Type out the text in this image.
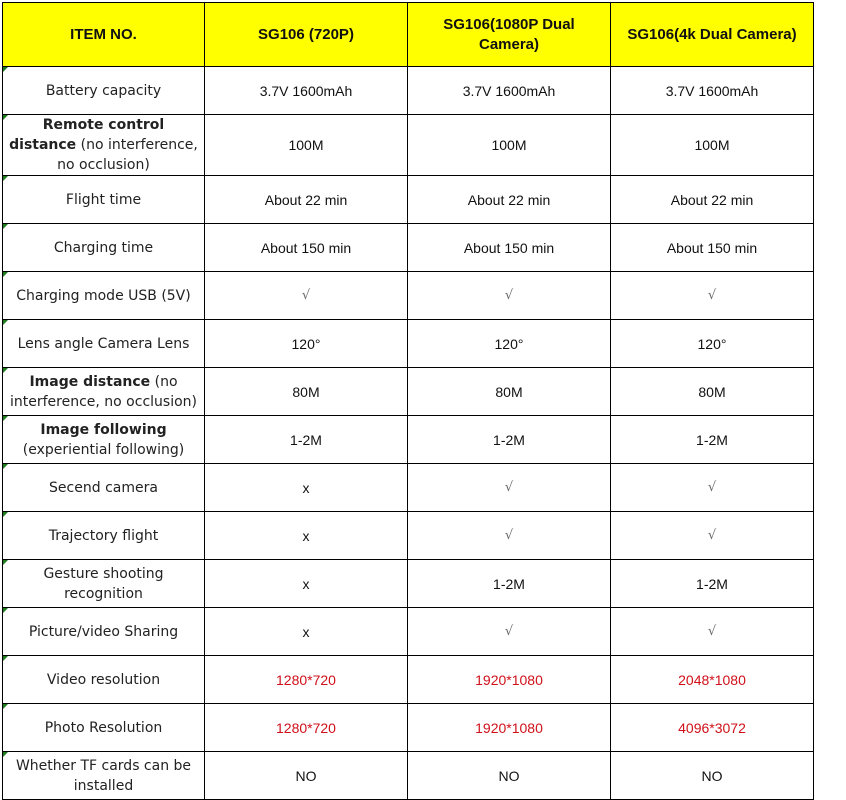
ITEM NO.	SG106 (720P)	SG106(1080P Dual Camera)	SG106(4k Dual Camera)
Battery capacity	3.7V 1600mAh	3.7V 1600mAh	3.7V 1600mAh
Remote control distance (no interference, no occlusion)	100M	100M	100M
Flight time	About 22 min	About 22 min	About 22 min
Charging time	About 150 min	About 150 min	About 150 min
Charging mode USB (5V)	√	√	√
Lens angle Camera Lens	120°	120°	120°
Image distance (no interference, no occlusion)	80M	80M	80M
Image following (experiential following)	1-2M	1-2M	1-2M
Secend camera	x	√	√
Trajectory flight	x	√	√
Gesture shooting recognition	x	1-2M	1-2M
Picture/video Sharing	x	√	√
Video resolution	1280*720	1920*1080	2048*1080
Photo Resolution	1280*720	1920*1080	4096*3072
Whether TF cards can be installed	NO	NO	NO
